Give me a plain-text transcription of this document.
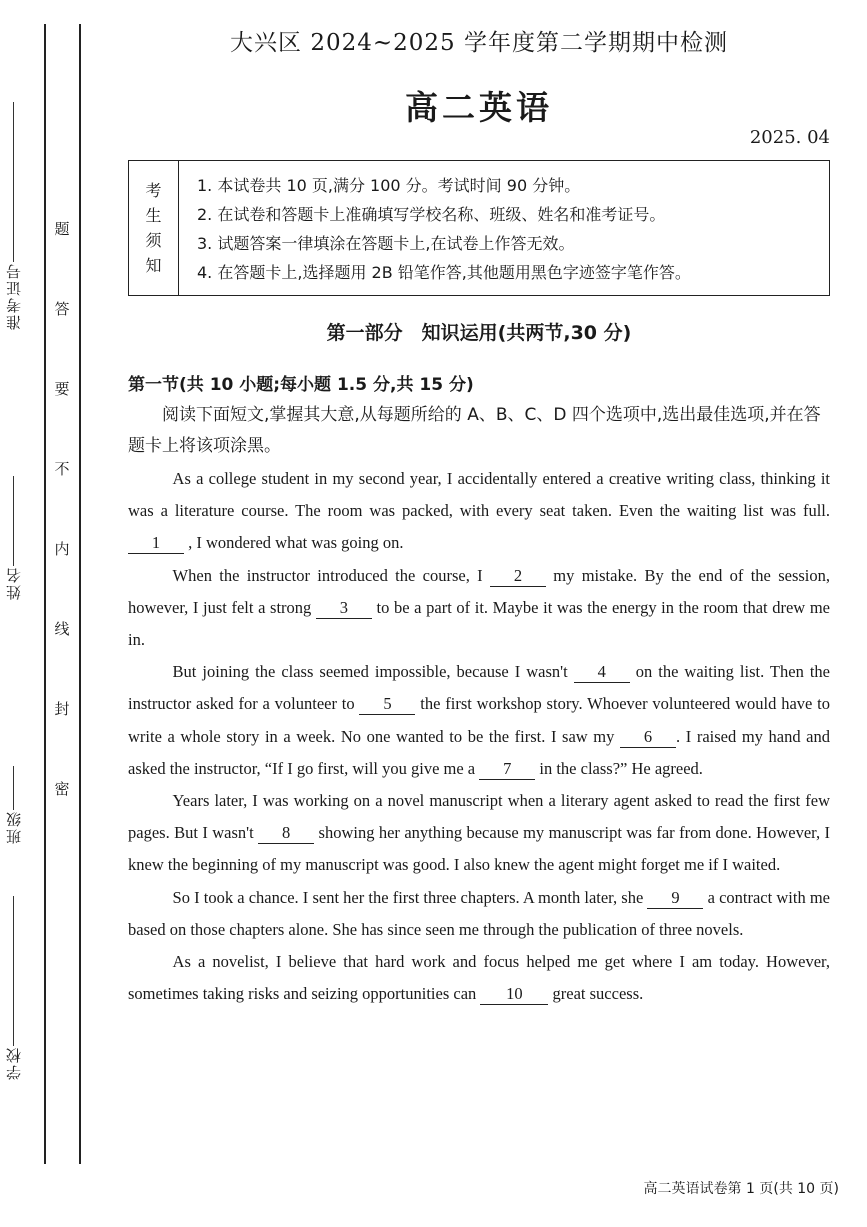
准考证号
姓名
班级
学校
密
封
线
内
不
要
答
题
大兴区 2024~2025 学年度第二学期期中检测
高二英语
2025. 04
考
生
须
知
1. 本试卷共 10 页,满分 100 分。考试时间 90 分钟。
2. 在试卷和答题卡上准确填写学校名称、班级、姓名和准考证号。
3. 试题答案一律填涂在答题卡上,在试卷上作答无效。
4. 在答题卡上,选择题用 2B 铅笔作答,其他题用黑色字迹签字笔作答。
第一部分　知识运用(共两节,30 分)
第一节(共 10 小题;每小题 1.5 分,共 15 分)
阅读下面短文,掌握其大意,从每题所给的 A、B、C、D 四个选项中,选出最佳选项,并在答题卡上将该项涂黑。

As a college student in my second year, I accidentally entered a creative writing class, thinking it was a literature course. The room was packed, with every seat taken. Even the waiting list was full. 1 , I wondered what was going on.

When the instructor introduced the course, I 2 my mistake. By the end of the session, however, I just felt a strong 3 to be a part of it. Maybe it was the energy in the room that drew me in.

But joining the class seemed impossible, because I wasn't 4 on the waiting list. Then the instructor asked for a volunteer to 5 the first workshop story. Whoever volunteered would have to write a whole story in a week. No one wanted to be the first. I saw my 6 . I raised my hand and asked the instructor, “If I go first, will you give me a 7 in the class?” He agreed.

Years later, I was working on a novel manuscript when a literary agent asked to read the first few pages. But I wasn't 8 showing her anything because my manuscript was far from done. However, I knew the beginning of my manuscript was good. I also knew the agent might forget me if I waited.

So I took a chance. I sent her the first three chapters. A month later, she 9 a contract with me based on those chapters alone. She has since seen me through the publication of three novels.

As a novelist, I believe that hard work and focus helped me get where I am today. However, sometimes taking risks and seizing opportunities can 10 great success.

高二英语试卷第 1 页(共 10 页)
